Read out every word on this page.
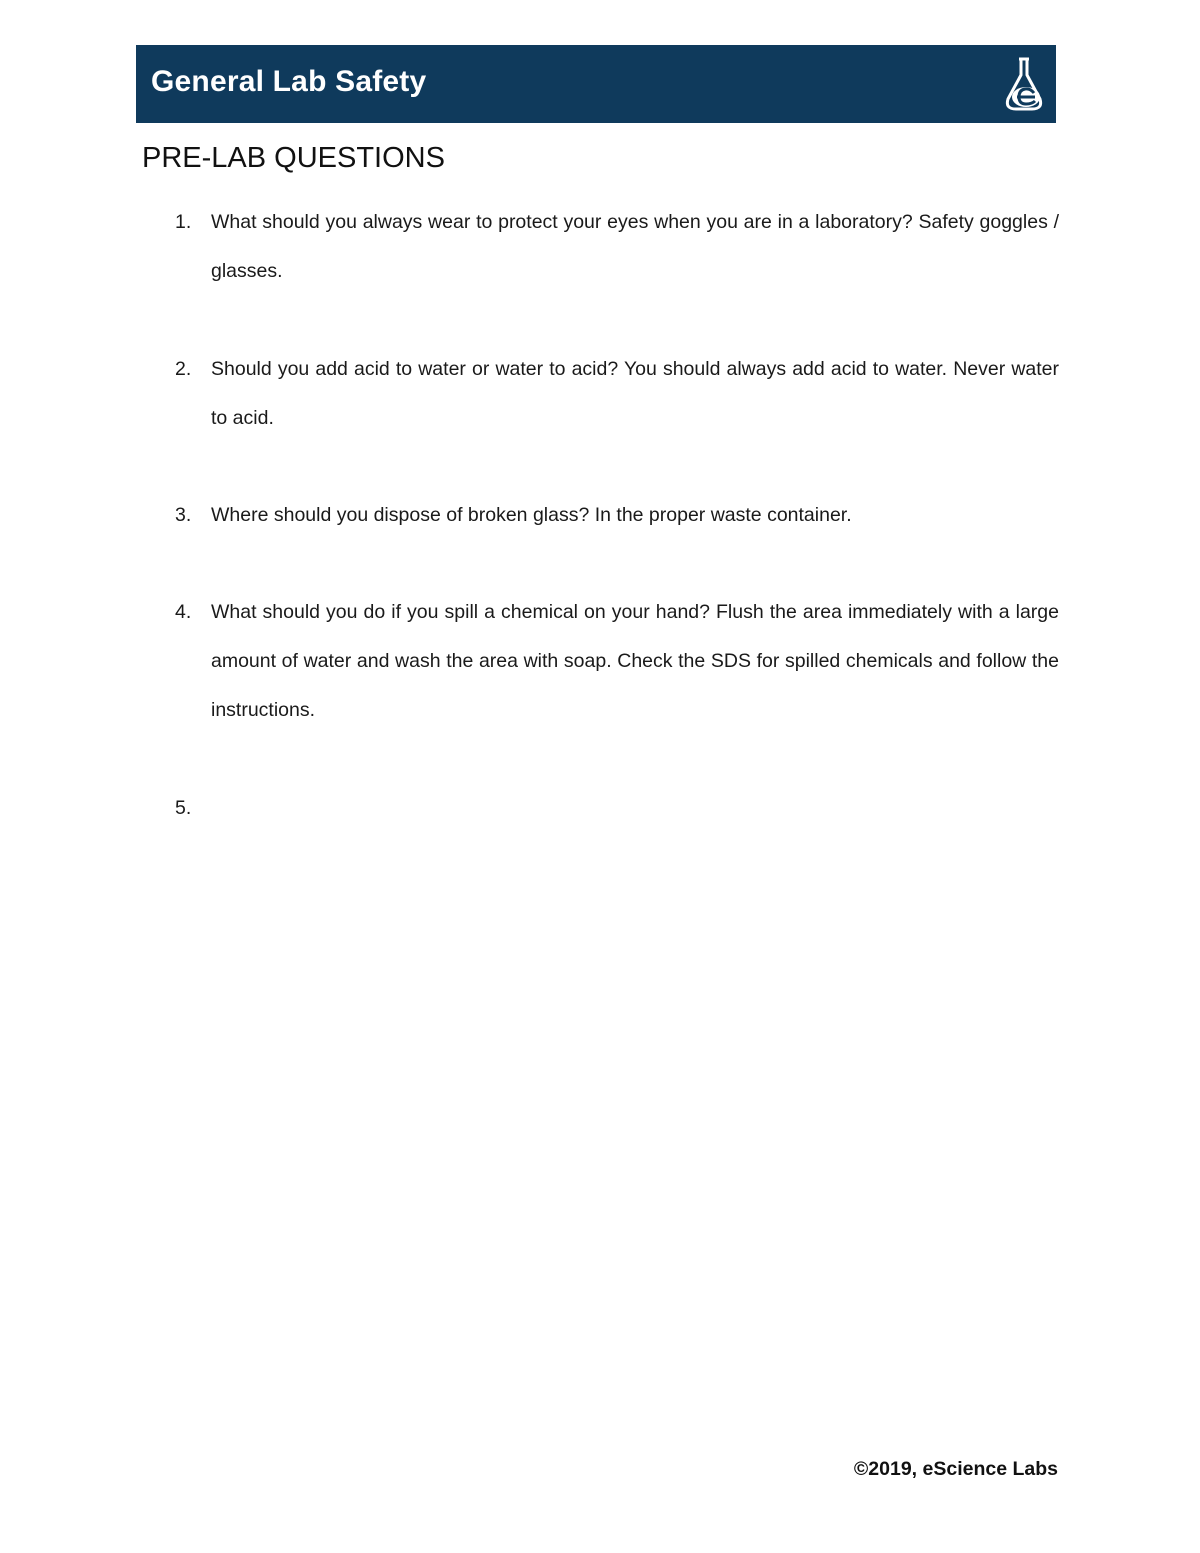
General Lab Safety
PRE-LAB QUESTIONS
1.	What should you always wear to protect your eyes when you are in a laboratory? Safety goggles / glasses.
2.	Should you add acid to water or water to acid? You should always add acid to water. Never water to acid.
3.	Where should you dispose of broken glass? In the proper waste container.
4.	What should you do if you spill a chemical on your hand? Flush the area immediately with a large amount of water and wash the area with soap. Check the SDS for spilled chemicals and follow the instructions.
5.
©2019, eScience Labs
